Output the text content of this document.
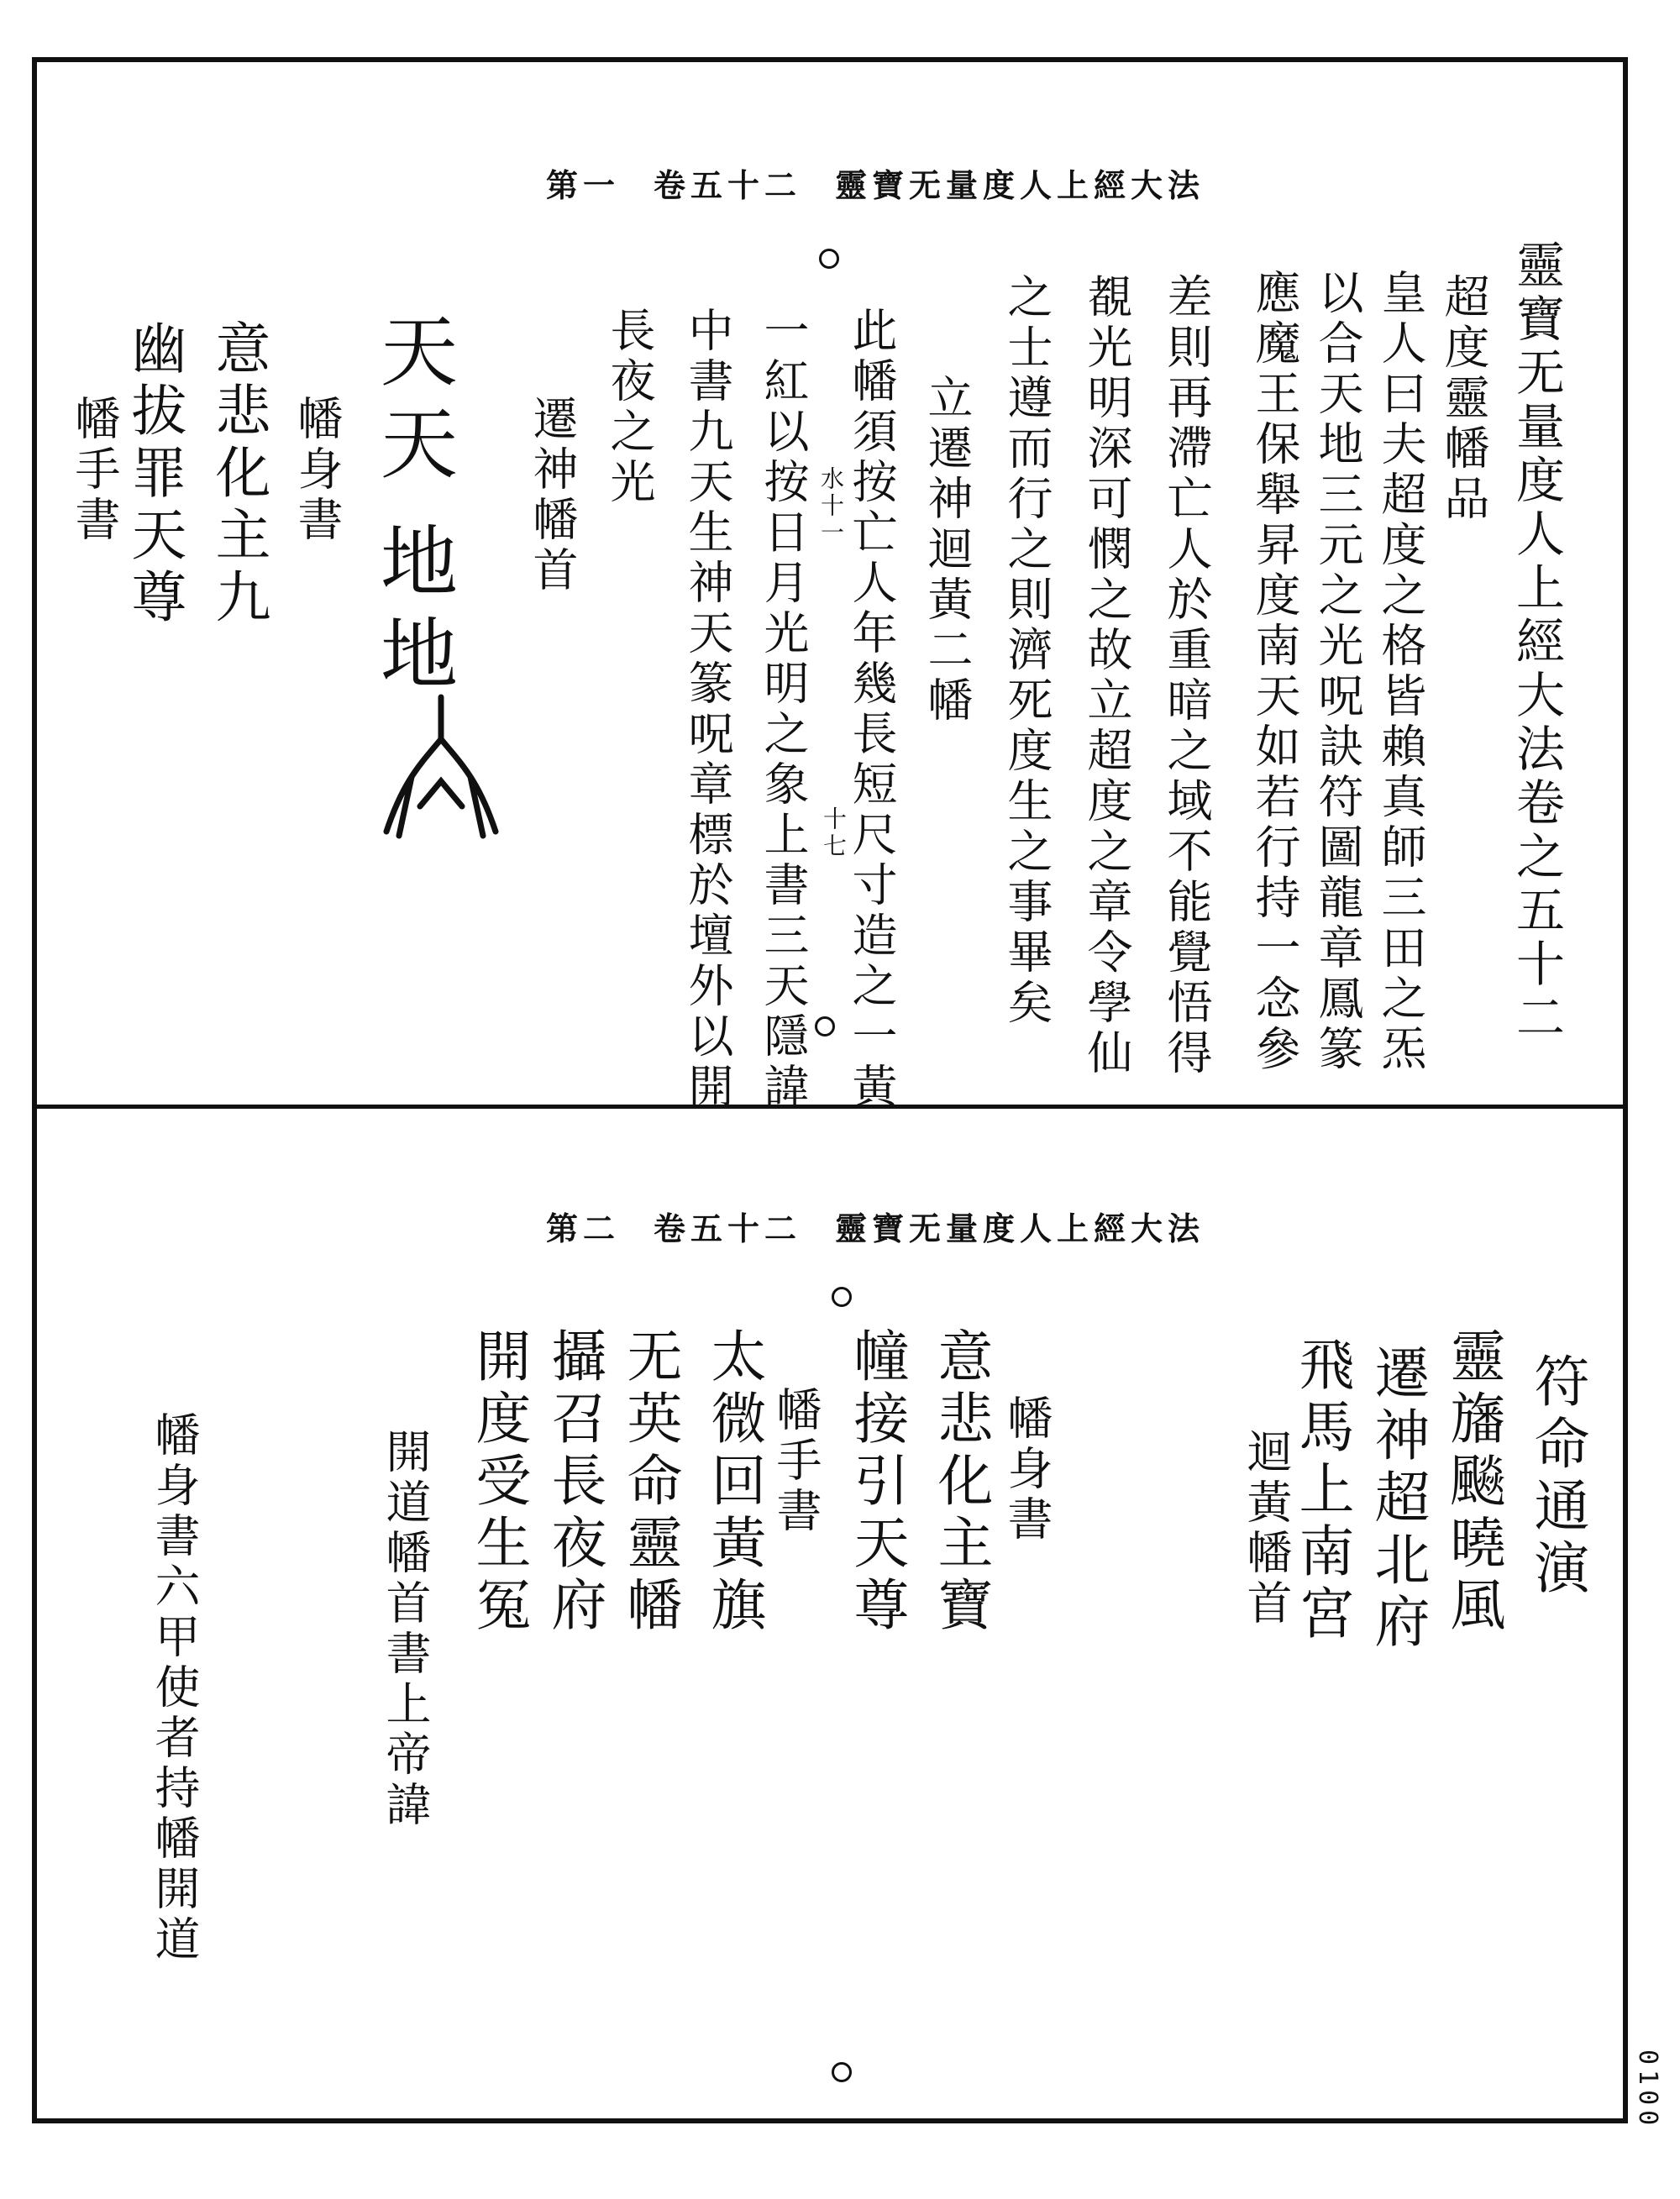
第一 卷五十二 靈寶无量度人上經大法
靈寶无量度人上經大法卷之五十二
超度靈幡品
皇人曰夫超度之格皆賴真師三田之炁
以合天地三元之光呪訣符圖龍章鳳篆
應魔王保舉昇度南天如若行持一念參
差則再滯亡人於重暗之域不能覺悟得
覩光明深可憫之故立超度之章令學仙
之士遵而行之則濟死度生之事畢矣
立遷神迴黃二幡
此幡須按亡人年幾長短尺寸造之一黃
一紅以按日月光明之象上書三天隱諱 水十一
十七
中書九天生神天篆呪章標於壇外以開
長夜之光
遷神幡首
天天
地地
幡身書
意悲化主九
幽拔罪天尊
幡手書
第二 卷五十二 靈寶无量度人上經大法
符命通演
靈旛飈曉風
遷神超北府
飛馬上南宮
迴黃幡首
幡身書
意悲化主寶
幢接引天尊
幡手書
太微回黃旗
无英命靈幡
攝召長夜府
開度受生冤
開道幡首書上帝諱
幡身書六甲使者持幡開道
0100
